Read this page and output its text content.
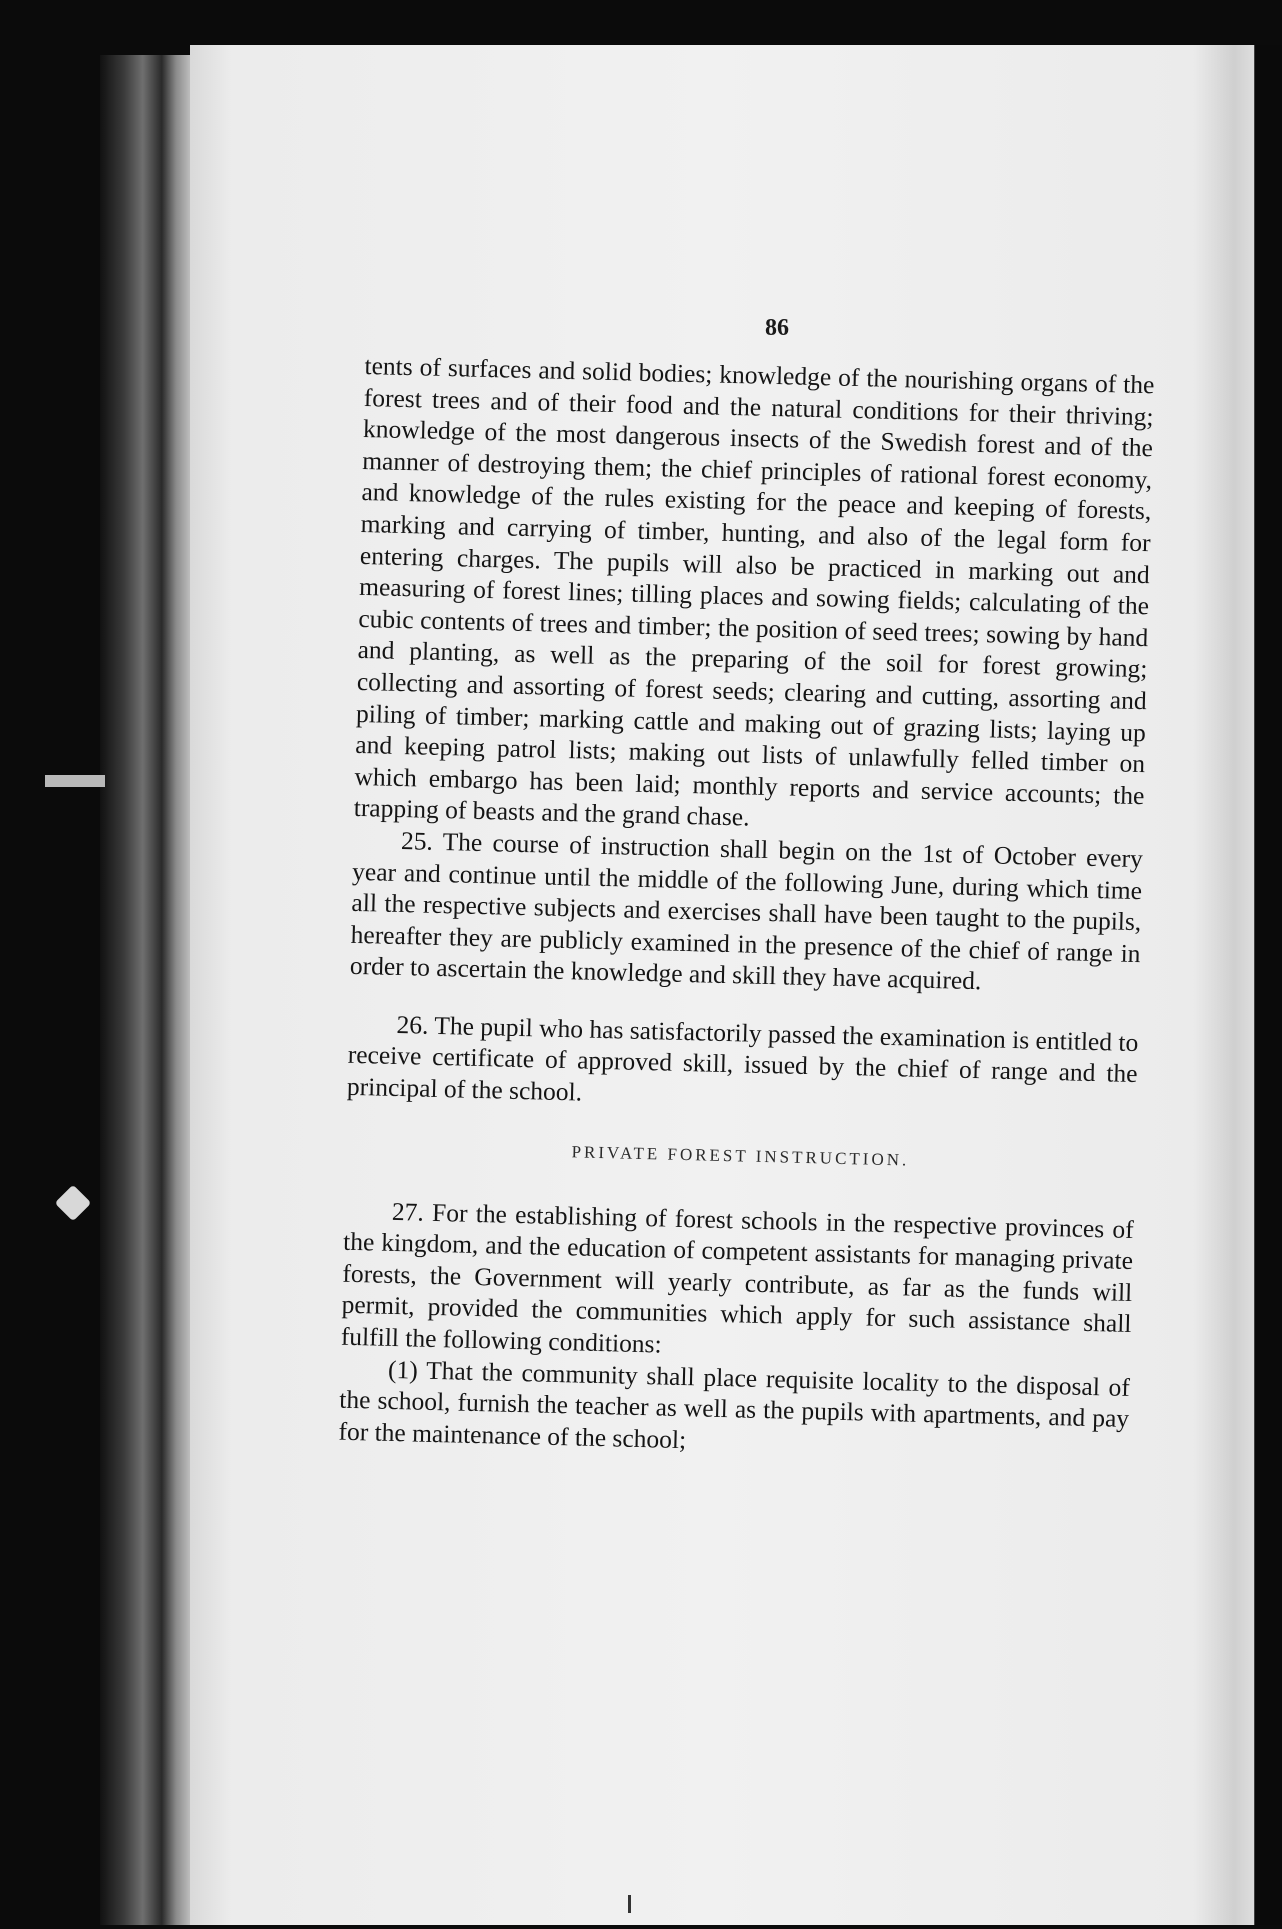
86

tents of surfaces and solid bodies; knowledge of the nourishing organs of the forest trees and of their food and the natural conditions for their thriving; knowledge of the most dangerous insects of the Swedish forest and of the manner of destroying them; the chief principles of rational forest economy, and knowledge of the rules existing for the peace and keeping of forests, marking and carrying of timber, hunting, and also of the legal form for entering charges. The pupils will also be practiced in marking out and measuring of forest lines; tilling places and sowing fields; calculating of the cubic contents of trees and timber; the position of seed trees; sowing by hand and planting, as well as the preparing of the soil for forest growing; collecting and assorting of forest seeds; clearing and cutting, assorting and piling of timber; marking cattle and making out of grazing lists; laying up and keeping patrol lists; making out lists of unlawfully felled timber on which embargo has been laid; monthly reports and service accounts; the trapping of beasts and the grand chase.

25. The course of instruction shall begin on the 1st of October every year and continue until the middle of the following June, during which time all the respective subjects and exercises shall have been taught to the pupils, hereafter they are publicly examined in the presence of the chief of range in order to ascertain the knowledge and skill they have acquired.

26. The pupil who has satisfactorily passed the examination is entitled to receive certificate of approved skill, issued by the chief of range and the principal of the school.

PRIVATE FOREST INSTRUCTION.

27. For the establishing of forest schools in the respective provinces of the kingdom, and the education of competent assistants for managing private forests, the Government will yearly contribute, as far as the funds will permit, provided the communities which apply for such assistance shall fulfill the following conditions:

(1) That the community shall place requisite locality to the disposal of the school, furnish the teacher as well as the pupils with apartments, and pay for the maintenance of the school;
